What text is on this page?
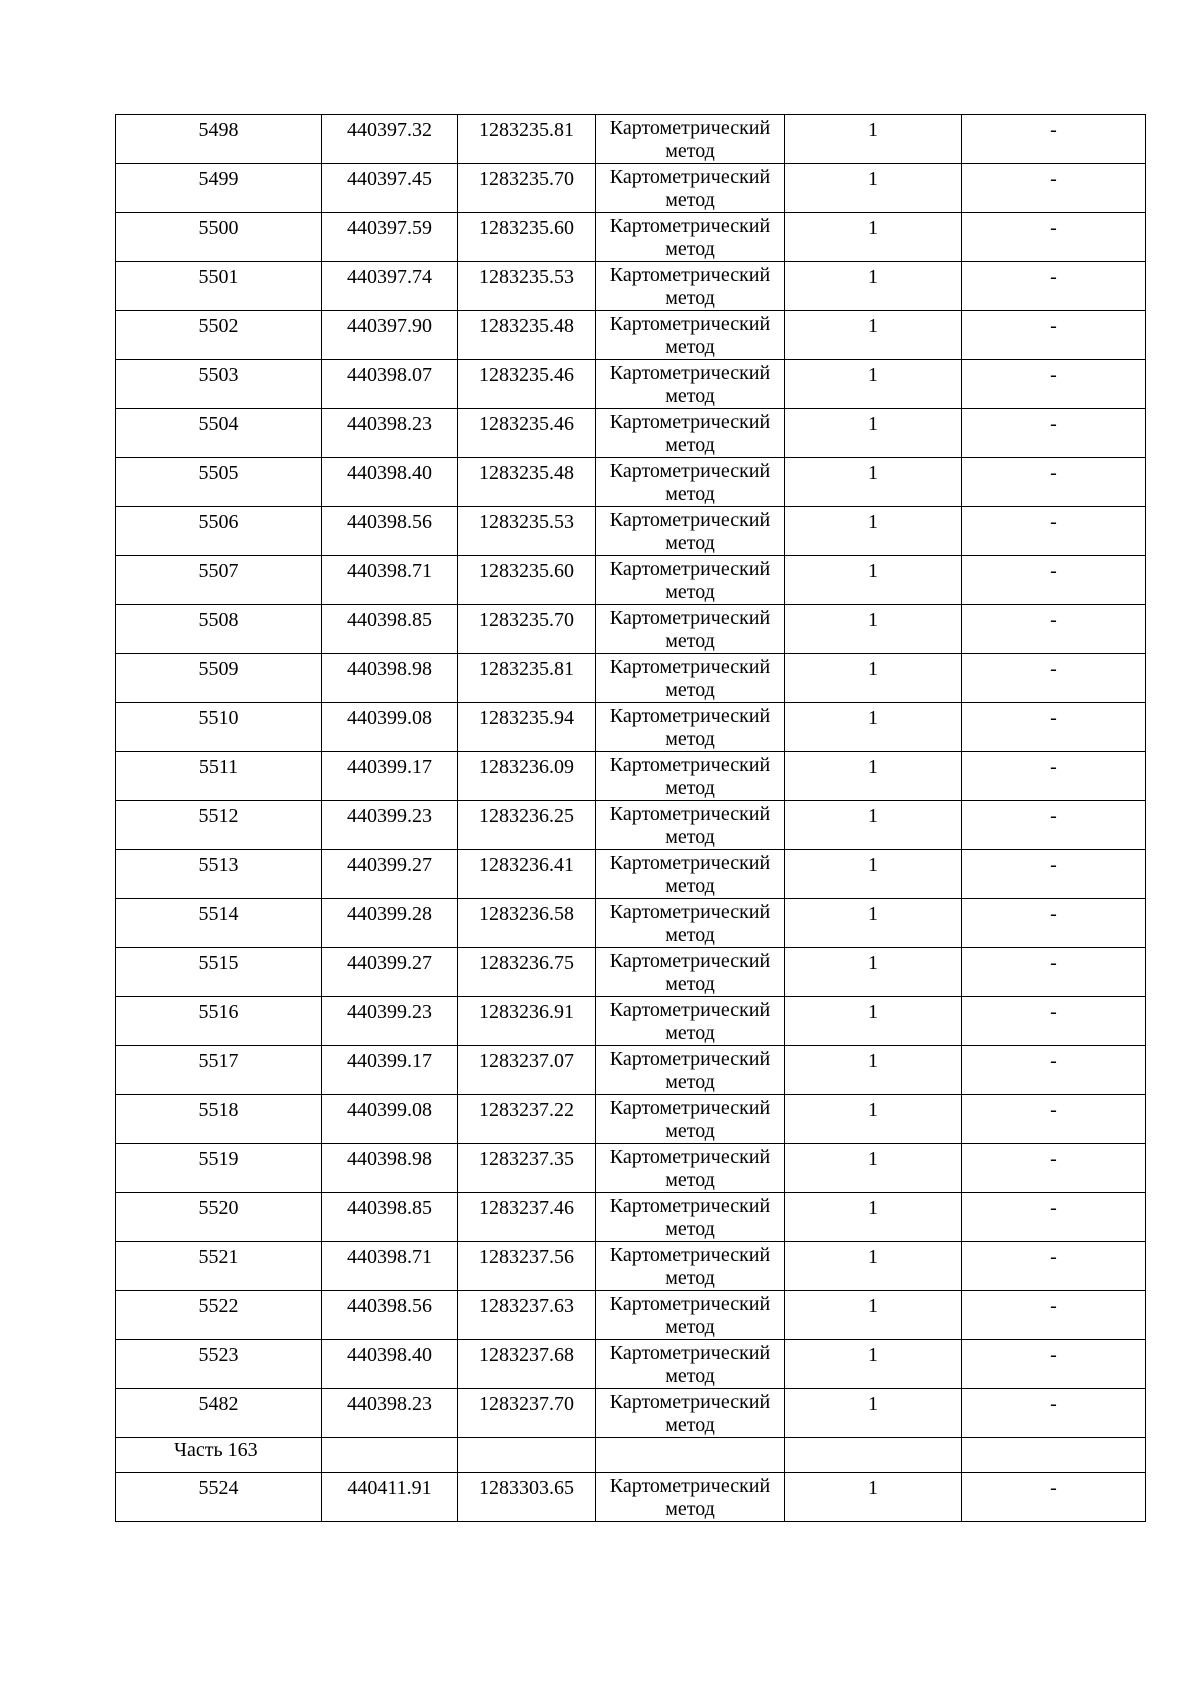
5498	440397.32	1283235.81	Картометрический метод	1	-
5499	440397.45	1283235.70	Картометрический метод	1	-
5500	440397.59	1283235.60	Картометрический метод	1	-
5501	440397.74	1283235.53	Картометрический метод	1	-
5502	440397.90	1283235.48	Картометрический метод	1	-
5503	440398.07	1283235.46	Картометрический метод	1	-
5504	440398.23	1283235.46	Картометрический метод	1	-
5505	440398.40	1283235.48	Картометрический метод	1	-
5506	440398.56	1283235.53	Картометрический метод	1	-
5507	440398.71	1283235.60	Картометрический метод	1	-
5508	440398.85	1283235.70	Картометрический метод	1	-
5509	440398.98	1283235.81	Картометрический метод	1	-
5510	440399.08	1283235.94	Картометрический метод	1	-
5511	440399.17	1283236.09	Картометрический метод	1	-
5512	440399.23	1283236.25	Картометрический метод	1	-
5513	440399.27	1283236.41	Картометрический метод	1	-
5514	440399.28	1283236.58	Картометрический метод	1	-
5515	440399.27	1283236.75	Картометрический метод	1	-
5516	440399.23	1283236.91	Картометрический метод	1	-
5517	440399.17	1283237.07	Картометрический метод	1	-
5518	440399.08	1283237.22	Картометрический метод	1	-
5519	440398.98	1283237.35	Картометрический метод	1	-
5520	440398.85	1283237.46	Картометрический метод	1	-
5521	440398.71	1283237.56	Картометрический метод	1	-
5522	440398.56	1283237.63	Картометрический метод	1	-
5523	440398.40	1283237.68	Картометрический метод	1	-
5482	440398.23	1283237.70	Картометрический метод	1	-
Часть 163					
5524	440411.91	1283303.65	Картометрический метод	1	-
